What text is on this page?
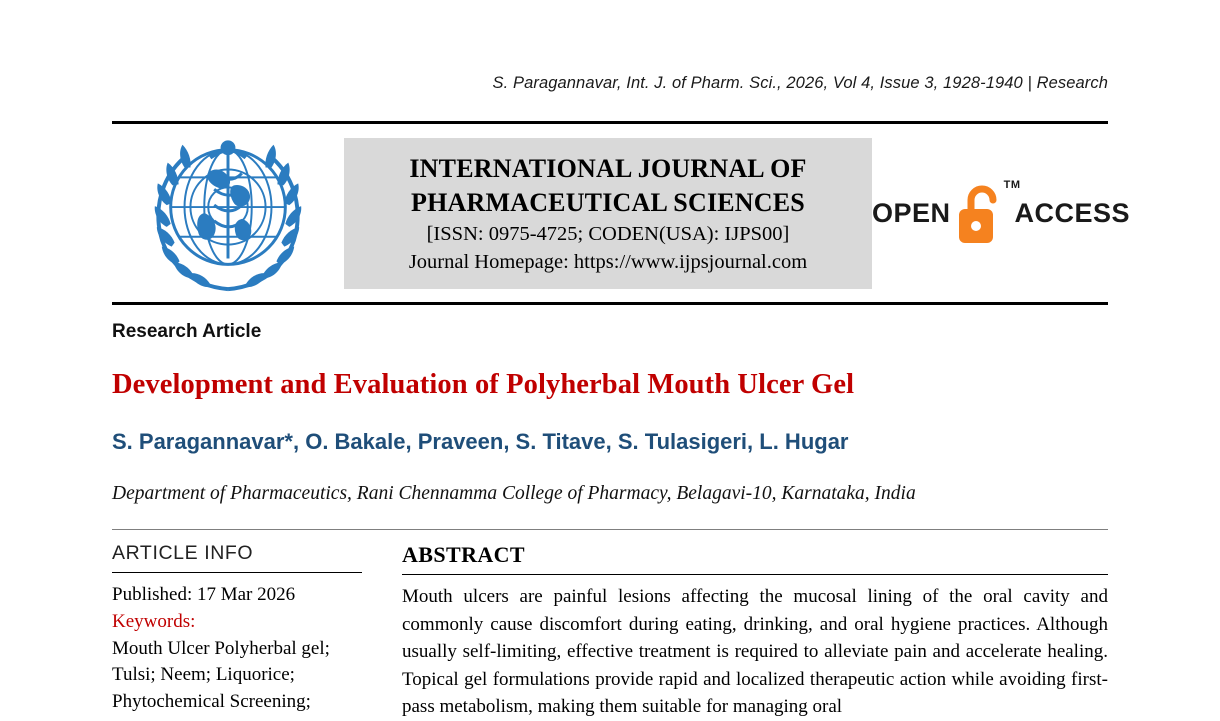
S. Paragannavar, Int. J. of Pharm. Sci., 2026, Vol 4, Issue 3, 1928-1940 | Research
INTERNATIONAL JOURNAL OF
PHARMACEUTICAL SCIENCES
[ISSN: 0975-4725; CODEN(USA): IJPS00]
Journal Homepage: https://www.ijpsjournal.com
OPEN
TM
ACCESS
Research Article
Development and Evaluation of Polyherbal Mouth Ulcer Gel
S. Paragannavar*, O. Bakale, Praveen, S. Titave, S. Tulasigeri, L. Hugar
Department of Pharmaceutics, Rani Chennamma College of Pharmacy, Belagavi-10, Karnataka, India
ARTICLE INFO
Published: 17 Mar 2026
Keywords:
Mouth Ulcer Polyherbal gel;
Tulsi; Neem; Liquorice;
Phytochemical Screening;
ABSTRACT
Mouth ulcers are painful lesions affecting the mucosal lining of the oral cavity and commonly cause discomfort during eating, drinking, and oral hygiene practices. Although usually self-limiting, effective treatment is required to alleviate pain and accelerate healing. Topical gel formulations provide rapid and localized therapeutic action while avoiding first-pass metabolism, making them suitable for managing oral
